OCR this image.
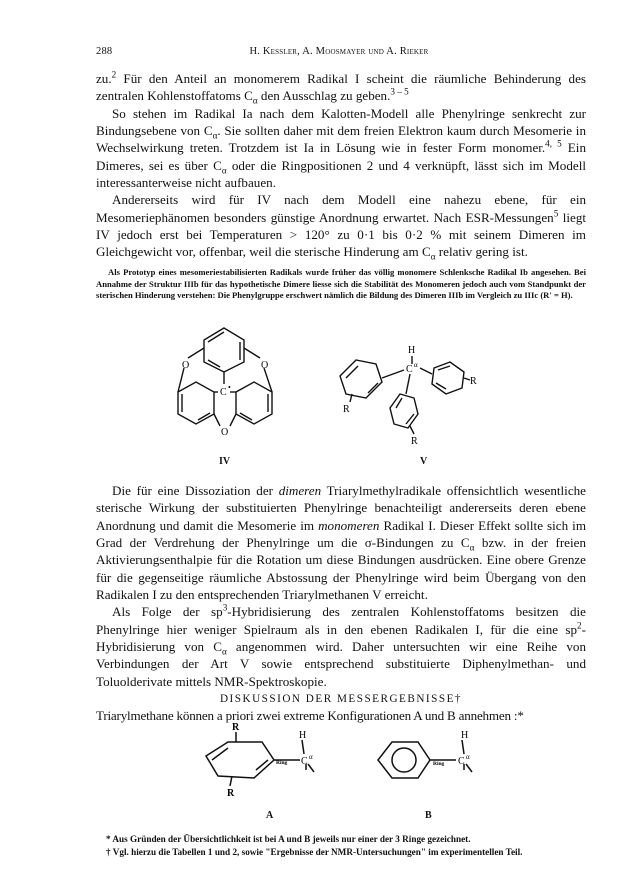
288	H. Kessler, A. Moosmayer und A. Rieker

zu.$^2$ Für den Anteil an monomerem Radikal I scheint die räumliche Behinderung des zentralen Kohlenstoffatoms $C_\alpha$ den Ausschlag zu geben.$^{3 - 5}$

So stehen im Radikal Ia nach dem Kalotten-Modell alle Phenylringe senkrecht zur Bindungsebene von $C_\alpha$. Sie sollten daher mit dem freien Elektron kaum durch Mesomerie in Wechselwirkung treten. Trotzdem ist Ia in Lösung wie in fester Form monomer.$^{4, 5}$ Ein Dimeres, sei es über $C_\alpha$ oder die Ringpositionen 2 und 4 verknüpft, lässt sich im Modell interessanterweise nicht aufbauen.

Andererseits wird für IV nach dem Modell eine nahezu ebene, für ein Mesomeriephänomen besonders günstige Anordnung erwartet. Nach ESR-Messungen$^5$ liegt IV jedoch erst bei Temperaturen > 120° zu 0·1 bis 0·2 % mit seinem Dimeren im Gleichgewicht vor, offenbar, weil die sterische Hinderung am $C_\alpha$ relativ gering ist.

Als Prototyp eines mesomeriestabilisierten Radikals wurde früher das völlig monomere Schlenksche Radikal Ib angesehen. Bei Annahme der Struktur IIIb für das hypothetische Dimere liesse sich die Stabilität des Monomeren jedoch auch vom Standpunkt der sterischen Hinderung verstehen: Die Phenylgruppe erschwert nämlich die Bildung des Dimeren IIIb im Vergleich zu IIIc (R′ = H).
O	O
O
C •
IV
H
C α
R
R
R
V

Die für eine Dissoziation der dimeren Triarylmethylradikale offensichtlich wesentliche sterische Wirkung der substituierten Phenylringe benachteiligt andererseits deren ebene Anordnung und damit die Mesomerie im monomeren Radikal I. Dieser Effekt sollte sich im Grad der Verdrehung der Phenylringe um die σ-Bindungen zu $C_\alpha$ bzw. in der freien Aktivierungsenthalpie für die Rotation um diese Bindungen ausdrücken. Eine obere Grenze für die gegenseitige räumliche Abstossung der Phenylringe wird beim Übergang von den Radikalen I zu den entsprechenden Triarylmethanen V erreicht.

Als Folge der $sp^3$-Hybridisierung des zentralen Kohlenstoffatoms besitzen die Phenylringe hier weniger Spielraum als in den ebenen Radikalen I, für die eine $sp^2$-Hybridisierung von $C_\alpha$ angenommen wird. Daher untersuchten wir eine Reihe von Verbindungen der Art V sowie entsprechend substituierte Diphenylmethan- und Toluolderivate mittels NMR-Spektroskopie.

DISKUSSION DER MESSERGEBNISSE†
Triarylmethane können a priori zwei extreme Konfigurationen A und B annehmen :*
R
R
H
C α
Ring
A
H
C α
Ring
B
* Aus Gründen der Übersichtlichkeit ist bei A und B jeweils nur einer der 3 Ringe gezeichnet.
† Vgl. hierzu die Tabellen 1 und 2, sowie "Ergebnisse der NMR-Untersuchungen" im experimentellen Teil.
